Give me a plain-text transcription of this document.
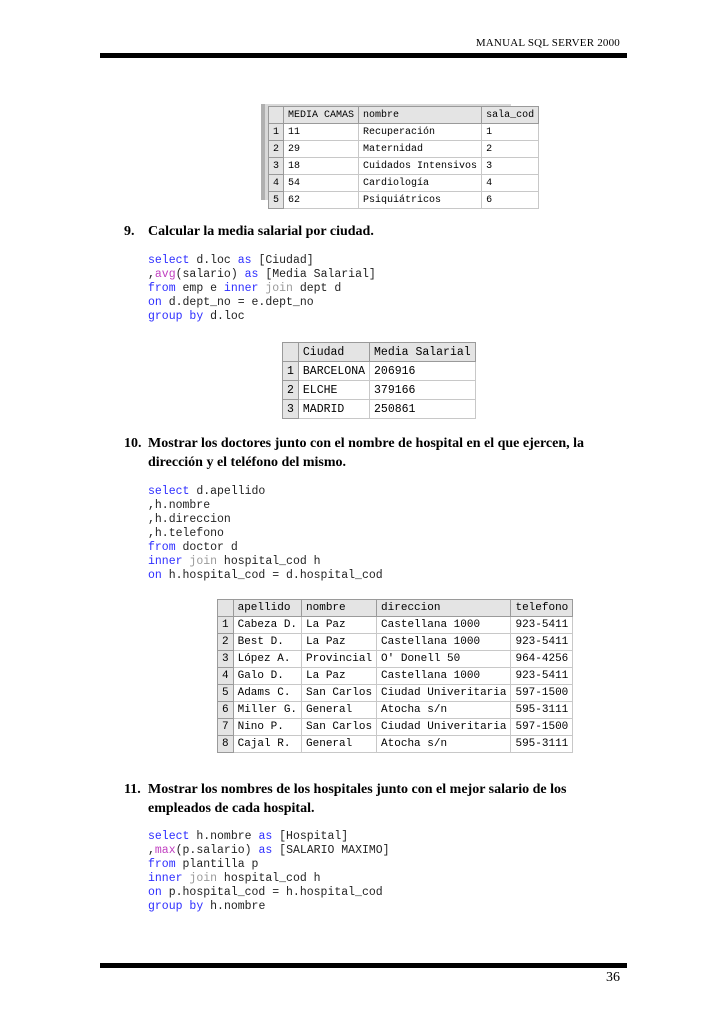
MANUAL SQL SERVER 2000
	MEDIA CAMAS	nombre	sala_cod
1	11	Recuperación	1
2	29	Maternidad	2
3	18	Cuidados Intensivos	3
4	54	Cardiología	4
5	62	Psiquiátricos	6
9. Calcular la media salarial por ciudad.
select d.loc as [Ciudad]
,avg(salario) as [Media Salarial]
from emp e inner join dept d
on d.dept_no = e.dept_no
group by d.loc
	Ciudad	Media Salarial
1	BARCELONA	206916
2	ELCHE	379166
3	MADRID	250861
10. Mostrar los doctores junto con el nombre de hospital en el que ejercen, la dirección y el teléfono del mismo.
select d.apellido
,h.nombre
,h.direccion
,h.telefono
from doctor d
inner join hospital_cod h
on h.hospital_cod = d.hospital_cod
	apellido	nombre	direccion	telefono
1	Cabeza D.	La Paz	Castellana 1000	923-5411
2	Best D.	La Paz	Castellana 1000	923-5411
3	López A.	Provincial	O' Donell 50	964-4256
4	Galo D.	La Paz	Castellana 1000	923-5411
5	Adams C.	San Carlos	Ciudad Univeritaria	597-1500
6	Miller G.	General	Atocha s/n	595-3111
7	Nino P.	San Carlos	Ciudad Univeritaria	597-1500
8	Cajal R.	General	Atocha s/n	595-3111
11. Mostrar los nombres de los hospitales junto con el mejor salario de los empleados de cada hospital.
select h.nombre as [Hospital]
,max(p.salario) as [SALARIO MAXIMO]
from plantilla p
inner join hospital_cod h
on p.hospital_cod = h.hospital_cod
group by h.nombre
36
